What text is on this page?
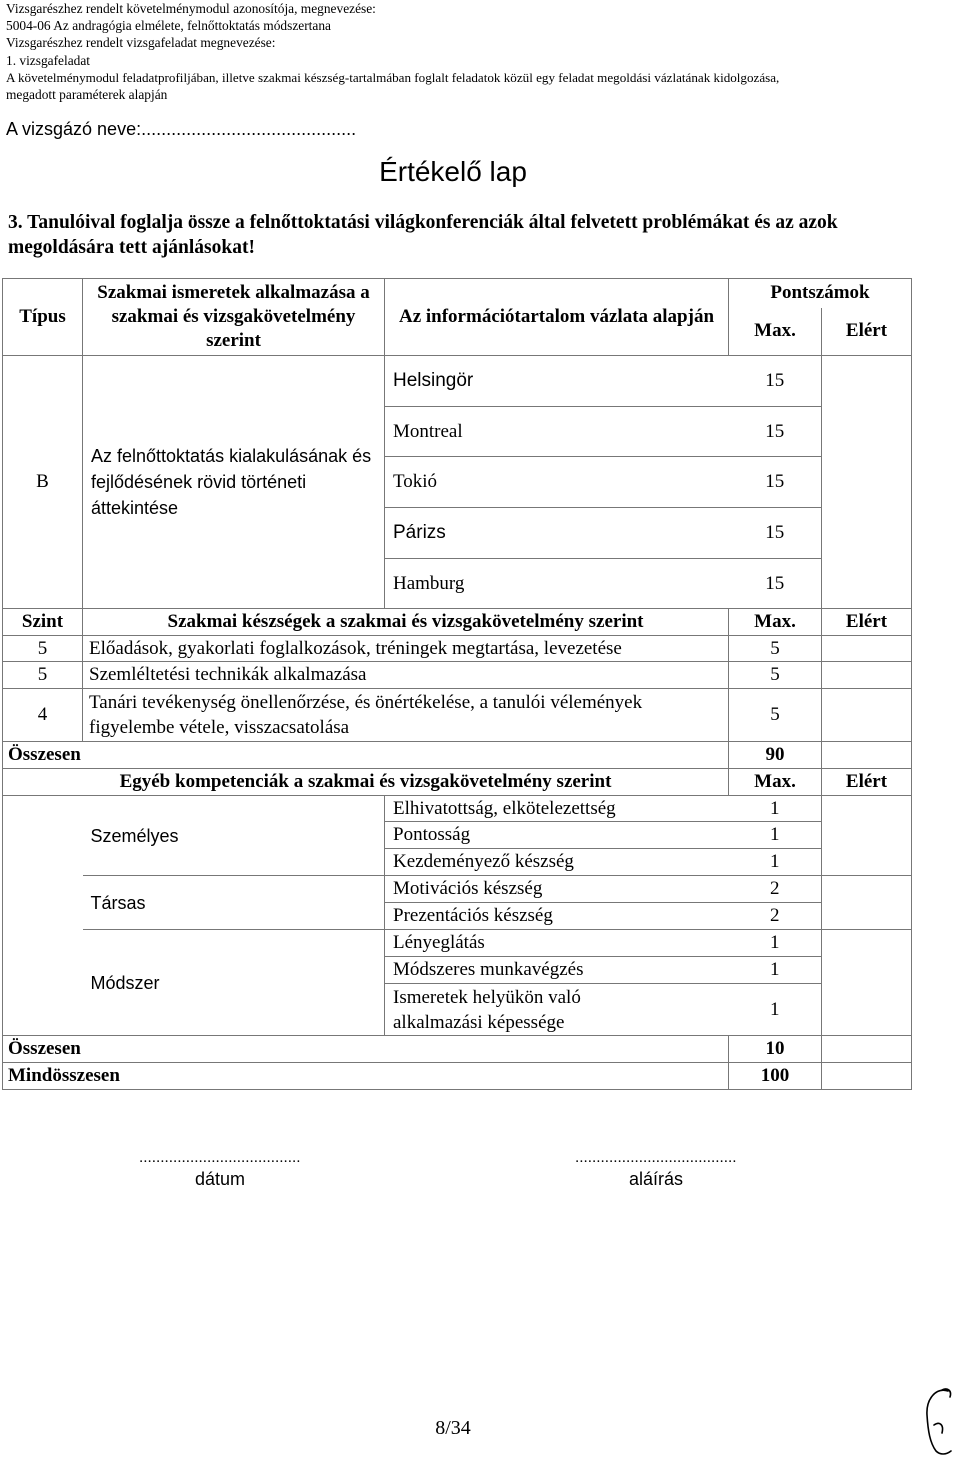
Vizsgarészhez rendelt követelménymodul azonosítója, megnevezése:
5004-06 Az andragógia elmélete, felnőttoktatás módszertana
Vizsgarészhez rendelt vizsgafeladat megnevezése:
1. vizsgafeladat
A követelménymodul feladatprofiljában, illetve szakmai készség-tartalmában foglalt feladatok közül egy feladat megoldási vázlatának kidolgozása,
megadott paraméterek alapján
A vizsgázó neve:...........................................
Értékelő lap
3. Tanulóival foglalja össze a felnőttoktatási világkonferenciák által felvetett problémákat és az azok megoldására tett ajánlásokat!
Típus	Szakmai ismeretek alkalmazása a szakmai és vizsgakövetelmény szerint	Az információtartalom vázlata alapján	Pontszámok	
			Max.	Elért
B	Az felnőttoktatás kialakulásának és fejlődésének rövid történeti áttekintése	Helsingör	15	
		Montreal	15	
		Tokió	15	
		Párizs	15	
		Hamburg	15	
Szint	Szakmai készségek a szakmai és vizsgakövetelmény szerint		Max.	Elért
5	Előadások, gyakorlati foglalkozások, tréningek megtartása, levezetése		5	
5	Szemléltetési technikák alkalmazása		5	
4	Tanári tevékenység önellenőrzése, és önértékelése, a tanulói vélemények figyelembe vétele, visszacsatolása		5	
Összesen			90	
Egyéb kompetenciák a szakmai és vizsgakövetelmény szerint			Max.	Elért
	Személyes	Elhivatottság, elkötelezettség	1	
		Pontosság	1	
		Kezdeményező készség	1	
	Társas	Motivációs készség	2	
		Prezentációs készség	2	
	Módszer	Lényeglátás	1	
		Módszeres munkavégzés	1	

		Ismeretek helyükön való alkalmazási képessége	1	
Összesen			10	
Mindösszesen			100	
......................................
dátum
......................................
aláírás
8/34
